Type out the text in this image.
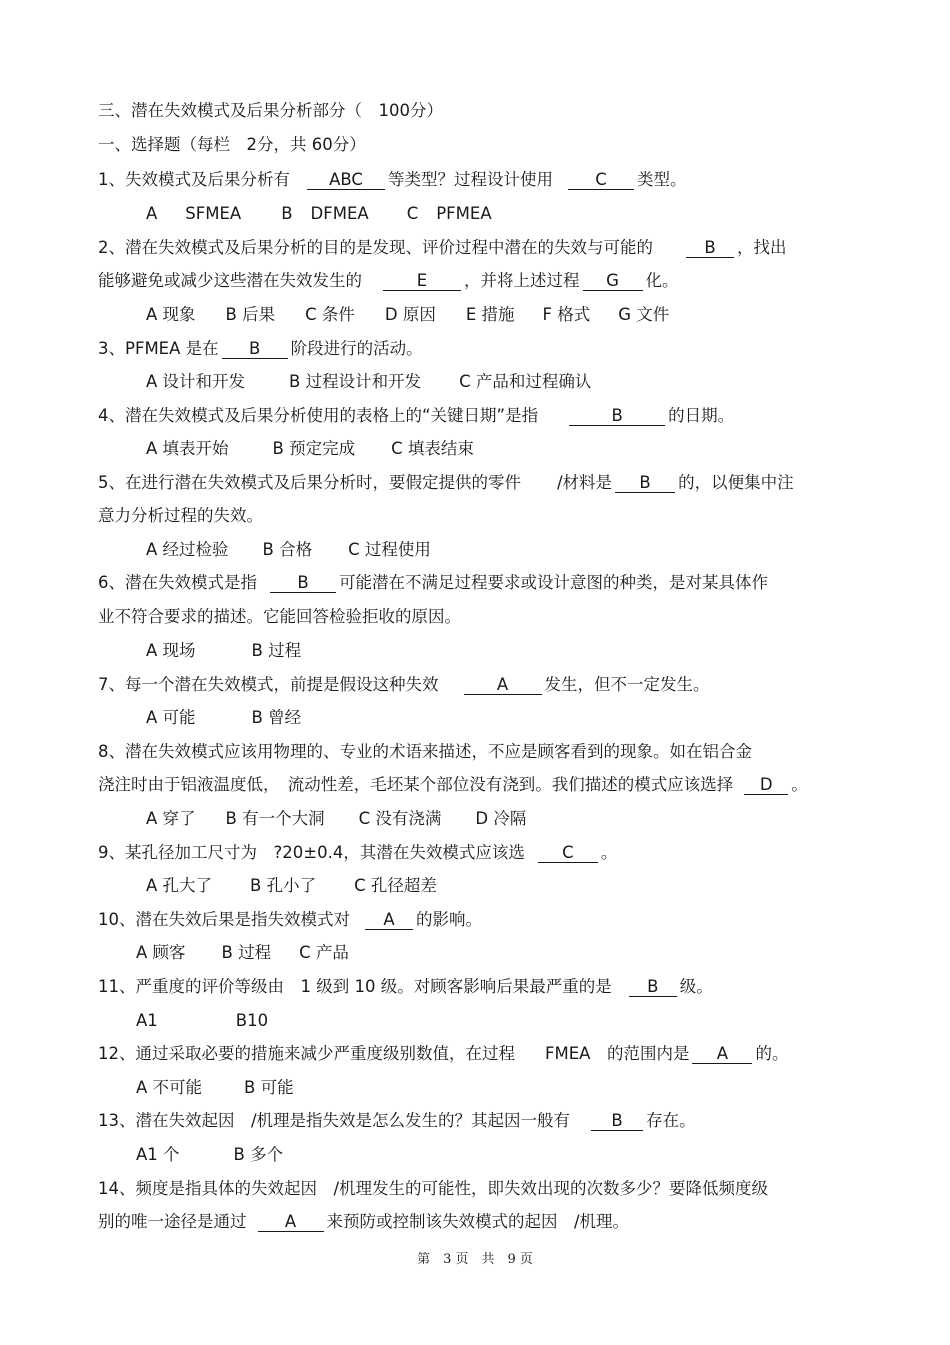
三、潜在失效模式及后果分析部分（　100分）
一、选择题（每栏　2分，共 60分）
1、失效模式及后果分析有 ABC 等类型？过程设计使用	C 类型。
A SFMEA B DFMEA C PFMEA
2、潜在失效模式及后果分析的目的是发现、评价过程中潜在的失效与可能的	B ，找出
能够避免或减少这些潜在失效发生的	E ，并将上述过程 G 化。
A 现象 B 后果 C 条件 D 原因 E 措施 F 格式 G 文件
3、PFMEA 是在 B 阶段进行的活动。
A 设计和开发	B 过程设计和开发 C 产品和过程确认
4、潜在失效模式及后果分析使用的表格上的“关键日期”是指	B	的日期。
A 填表开始	B 预定完成 C 填表结束
5、在进行潜在失效模式及后果分析时，要假定提供的零件 /材料是 B 的，以便集中注
意力分析过程的失效。
A 经过检验 B 合格 C 过程使用
6、潜在失效模式是指 B 可能潜在不满足过程要求或设计意图的种类，是对某具体作
业不符合要求的描述。它能回答检验拒收的原因。
A 现场	B 过程
7、每一个潜在失效模式，前提是假设这种失效	A 发生，但不一定发生。
A 可能	B 曾经
8、潜在失效模式应该用物理的、专业的术语来描述，不应是顾客看到的现象。如在铝合金
浇注时由于铝液温度低，　流动性差，毛坯某个部位没有浇到。我们描述的模式应该选择 D 。
A 穿了 B 有一个大洞 C 没有浇满 D 冷隔
9、某孔径加工尺寸为　?20±0.4，其潜在失效模式应该选 C 。
A 孔大了 B 孔小了 C 孔径超差
10、潜在失效后果是指失效模式对 A 的影响。
A 顾客 B 过程 C 产品
11、严重度的评价等级由　1 级到 10 级。对顾客影响后果最严重的是 B 级。
A1	B10
12、通过采取必要的措施来减少严重度级别数值，在过程 FMEA　的范围内是 A 的。
A 不可能	B 可能
13、潜在失效起因　/机理是指失效是怎么发生的？其起因一般有	B 存在。
A1 个	B 多个
14、频度是指具体的失效起因　/机理发生的可能性，即失效出现的次数多少？要降低频度级
别的唯一途径是通过 A 来预防或控制该失效模式的起因　/机理。
第　3 页　共　9 页
